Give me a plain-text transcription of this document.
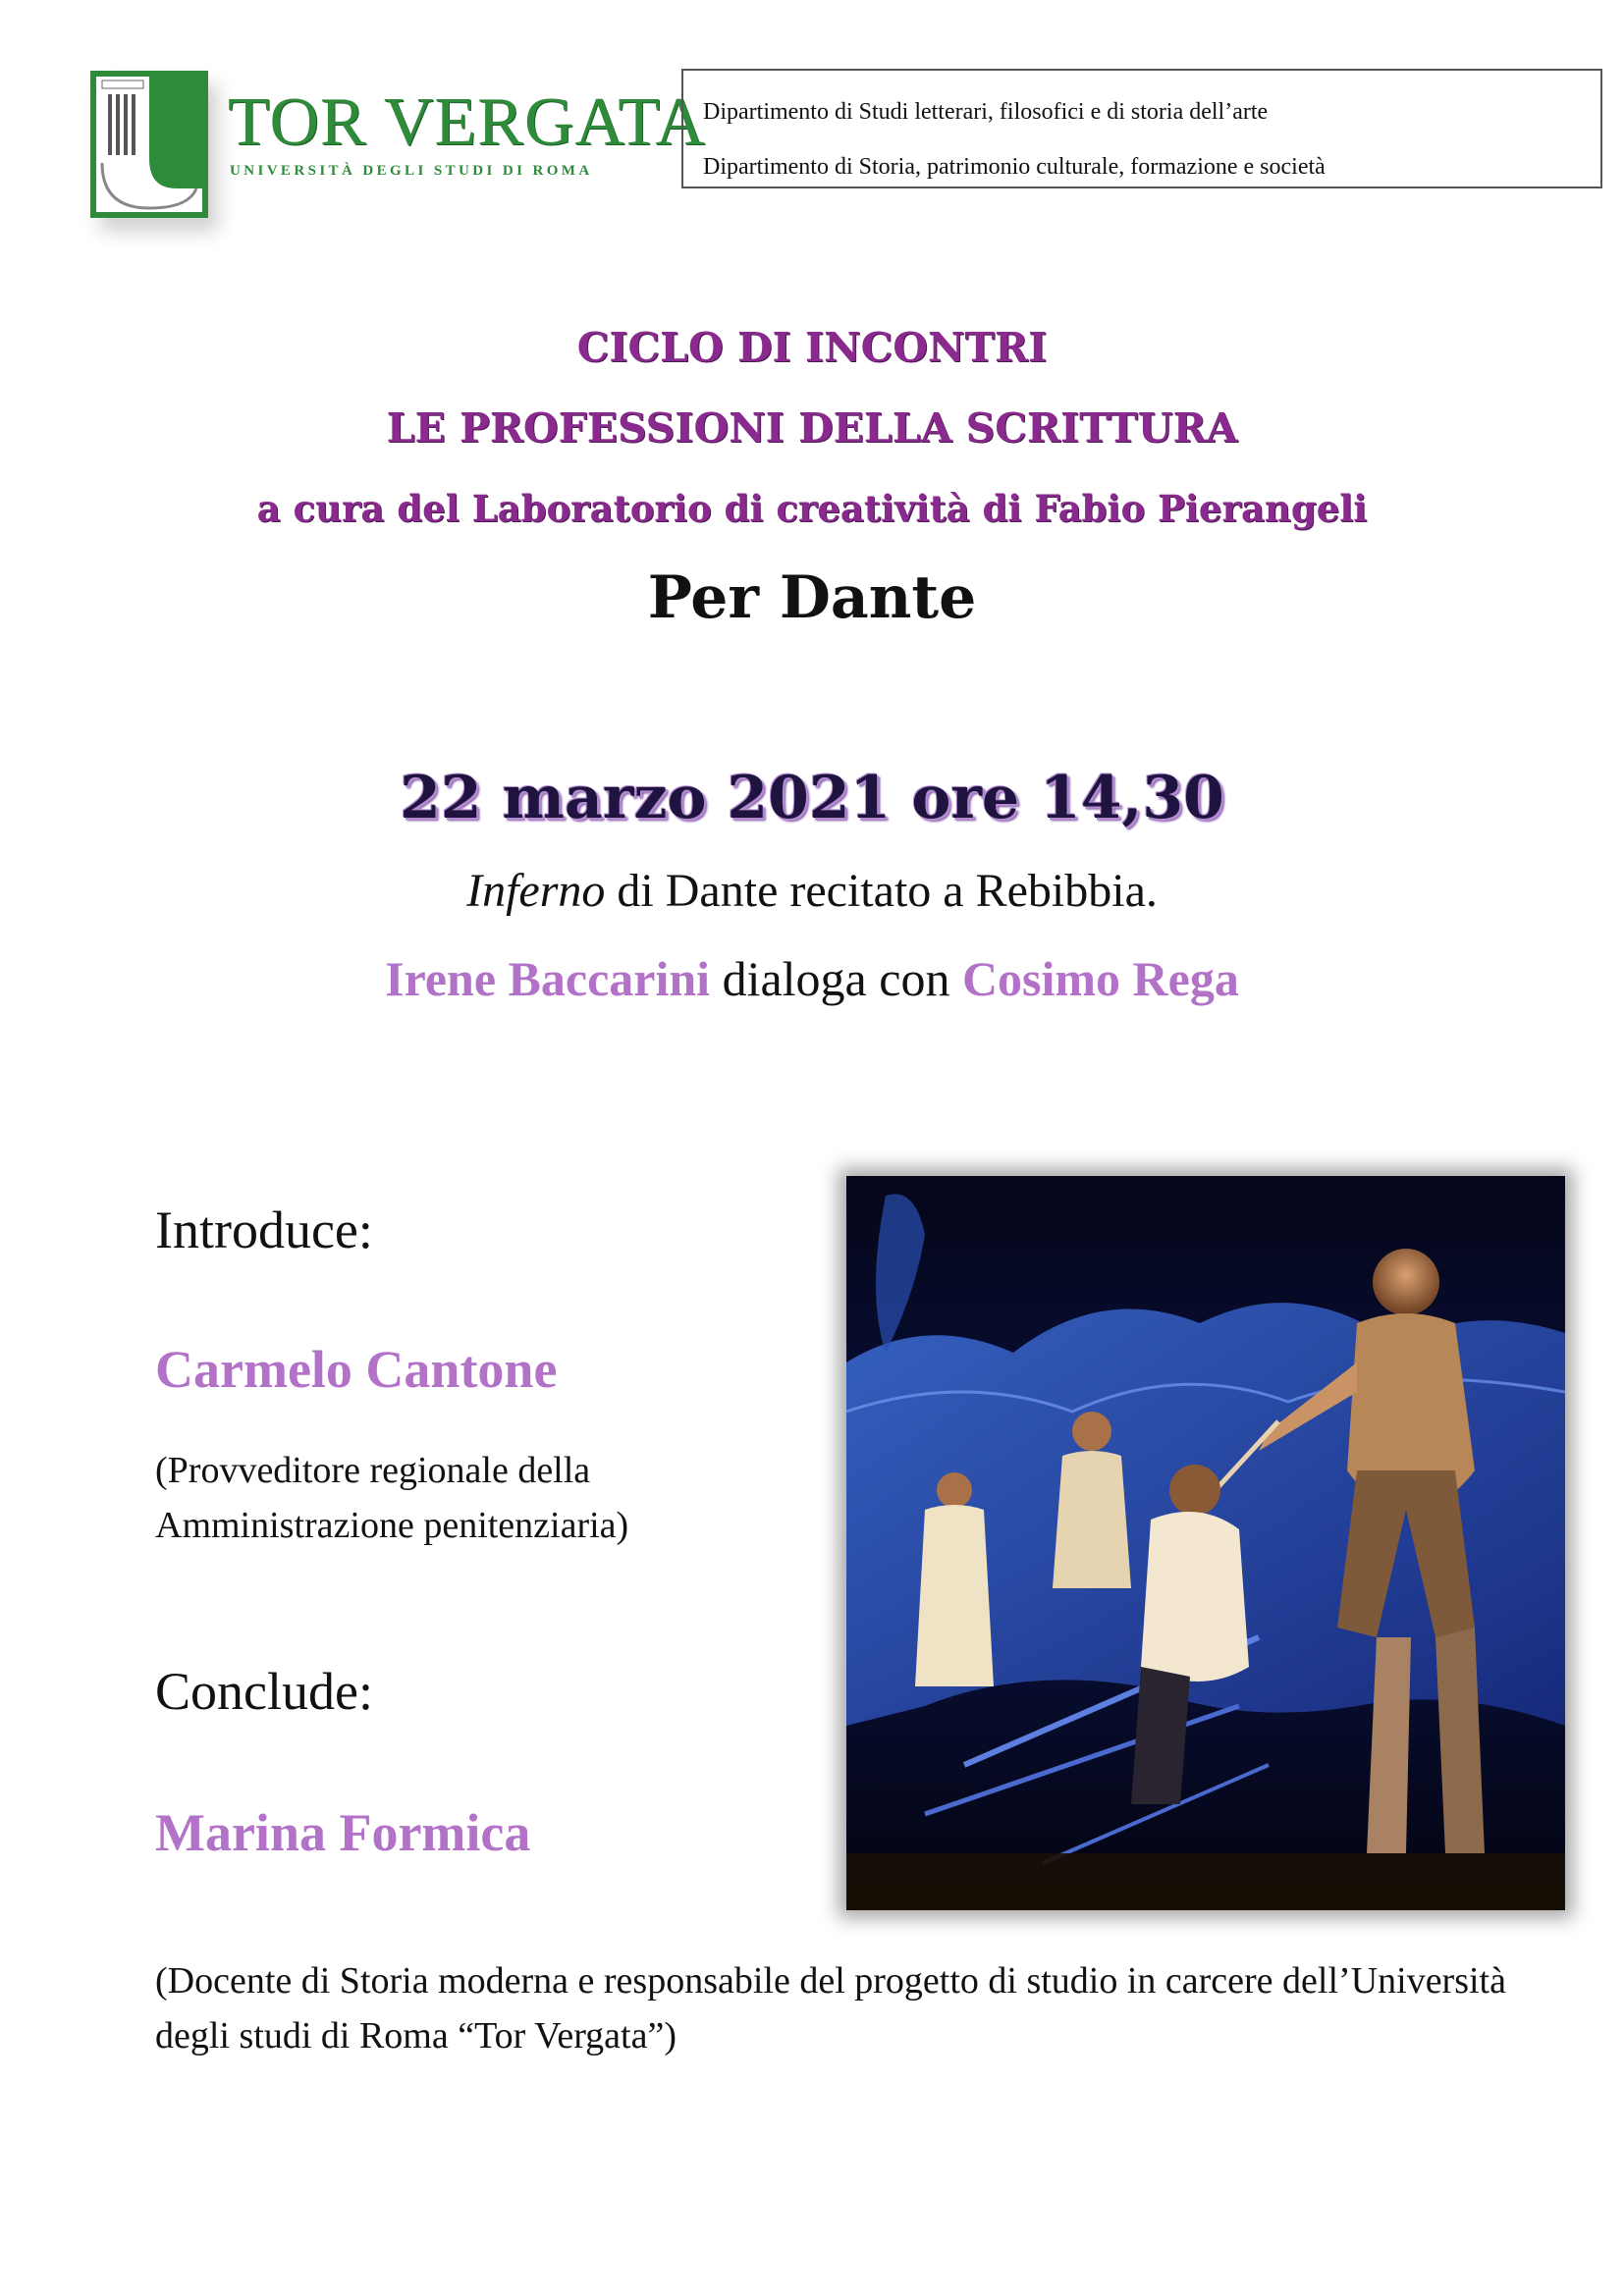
TOR VERGATA
UNIVERSITÀ DEGLI STUDI DI ROMA
Dipartimento di Studi letterari, filosofici e di storia dell’arte
Dipartimento di Storia, patrimonio culturale, formazione e società
CICLO DI INCONTRI
LE PROFESSIONI DELLA SCRITTURA
a cura del Laboratorio di creatività di Fabio Pierangeli
Per Dante
22 marzo 2021 ore 14,30
Inferno di Dante recitato a Rebibbia.
Irene Baccarini dialoga con Cosimo Rega
Introduce:
Carmelo Cantone
(Provveditore regionale della Amministrazione penitenziaria)
Conclude:
Marina Formica
(Docente di Storia moderna e responsabile del progetto di studio in carcere dell’Università degli studi di Roma “Tor Vergata”)
